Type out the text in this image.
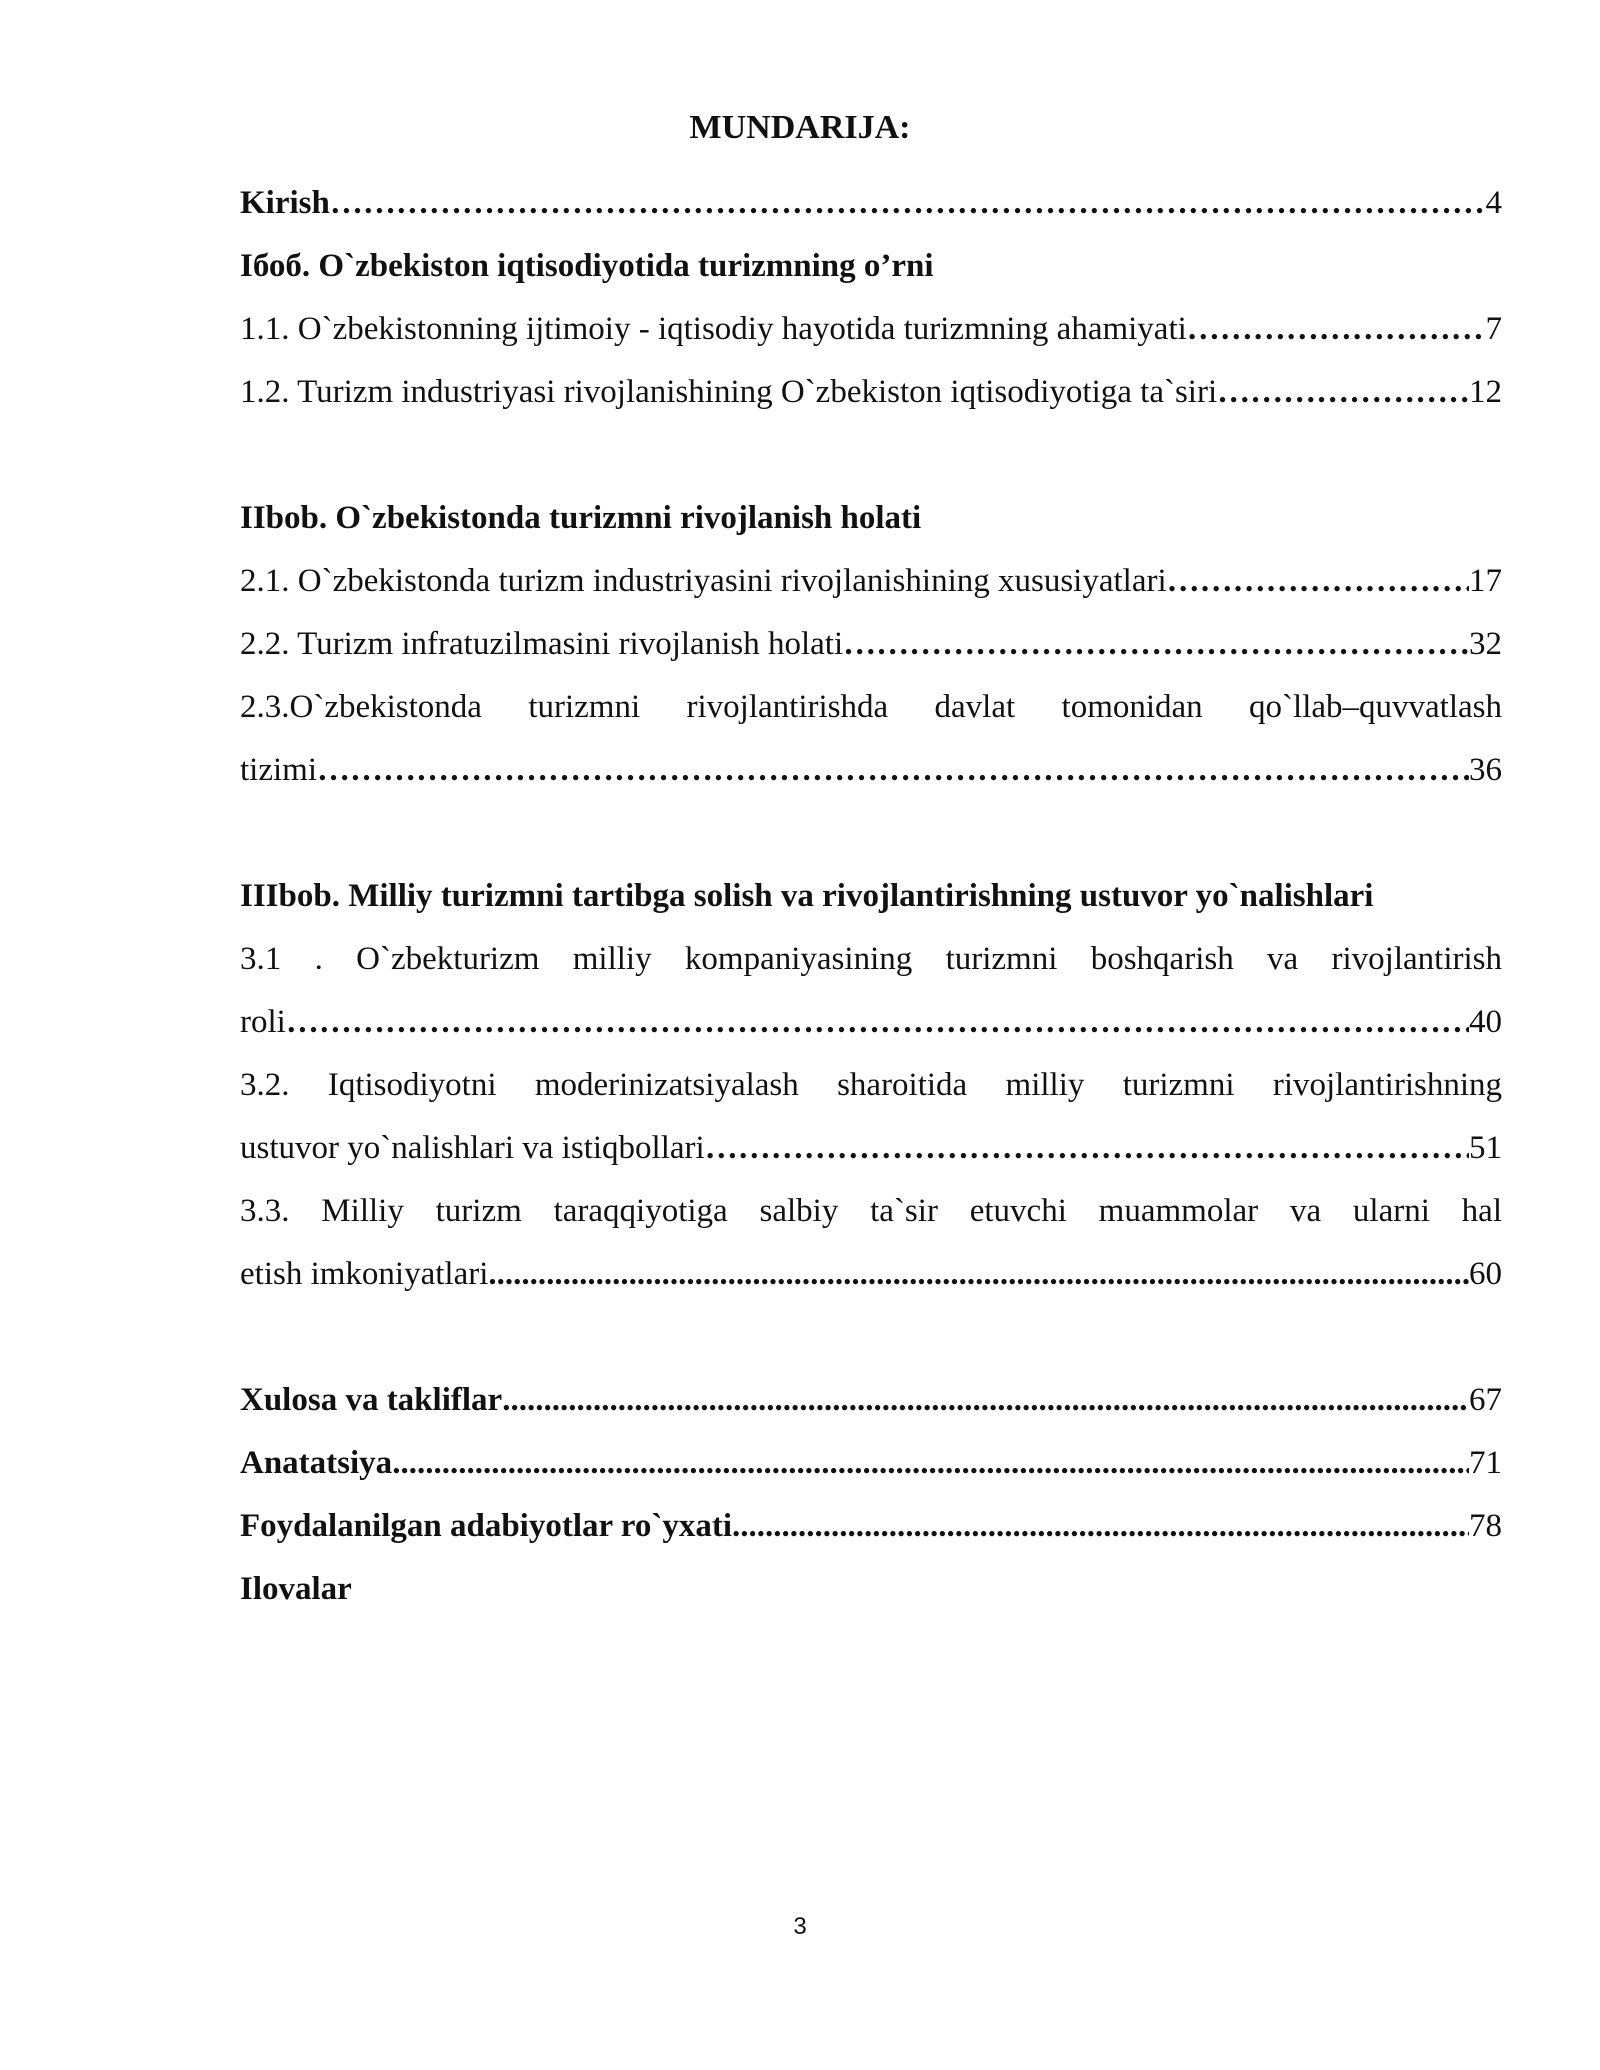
MUNDARIJA:
Kirish …………………………………………………………………………………………………………………………………………………………	4
Iбоб. O`zbekiston iqtisodiyotida turizmning o’rni
1.1. O`zbekistonning ijtimoiy - iqtisodiy hayotida turizmning ahamiyati …………………………………………………………………………………………………………………………………………………………	7
1.2. Turizm industriyasi rivojlanishining O`zbekiston iqtisodiyotiga ta`siri …………………………………………………………………………………………………………………………………………………………	12
IIbob. O`zbekistonda turizmni rivojlanish holati
2.1. O`zbekistonda turizm industriyasini rivojlanishining xususiyatlari …………………………………………………………………………………………………………………………………………………………	17
2.2. Turizm infratuzilmasini rivojlanish holati …………………………………………………………………………………………………………………………………………………………	32
2.3.O`zbekistonda turizmni rivojlantirishda davlat tomonidan qo`llab–quvvatlash
tizimi …………………………………………………………………………………………………………………………………………………………	36
IIIbob. Milliy turizmni tartibga solish va rivojlantirishning ustuvor yo`nalishlari
3.1 . O`zbekturizm milliy kompaniyasining turizmni boshqarish va rivojlantirish
roli …………………………………………………………………………………………………………………………………………………………	40
3.2. Iqtisodiyotni moderinizatsiyalash sharoitida milliy turizmni rivojlantirishning
ustuvor yo`nalishlari va istiqbollari …………………………………………………………………………………………………………………………………………………………	51
3.3. Milliy turizm taraqqiyotiga salbiy ta`sir etuvchi muammolar va ularni hal
etish imkoniyatlari .....	60
Xulosa va takliflar .....	67
Anatatsiya .....	71
Foydalanilgan adabiyotlar ro`yxati .....	78
Ilovalar
3
